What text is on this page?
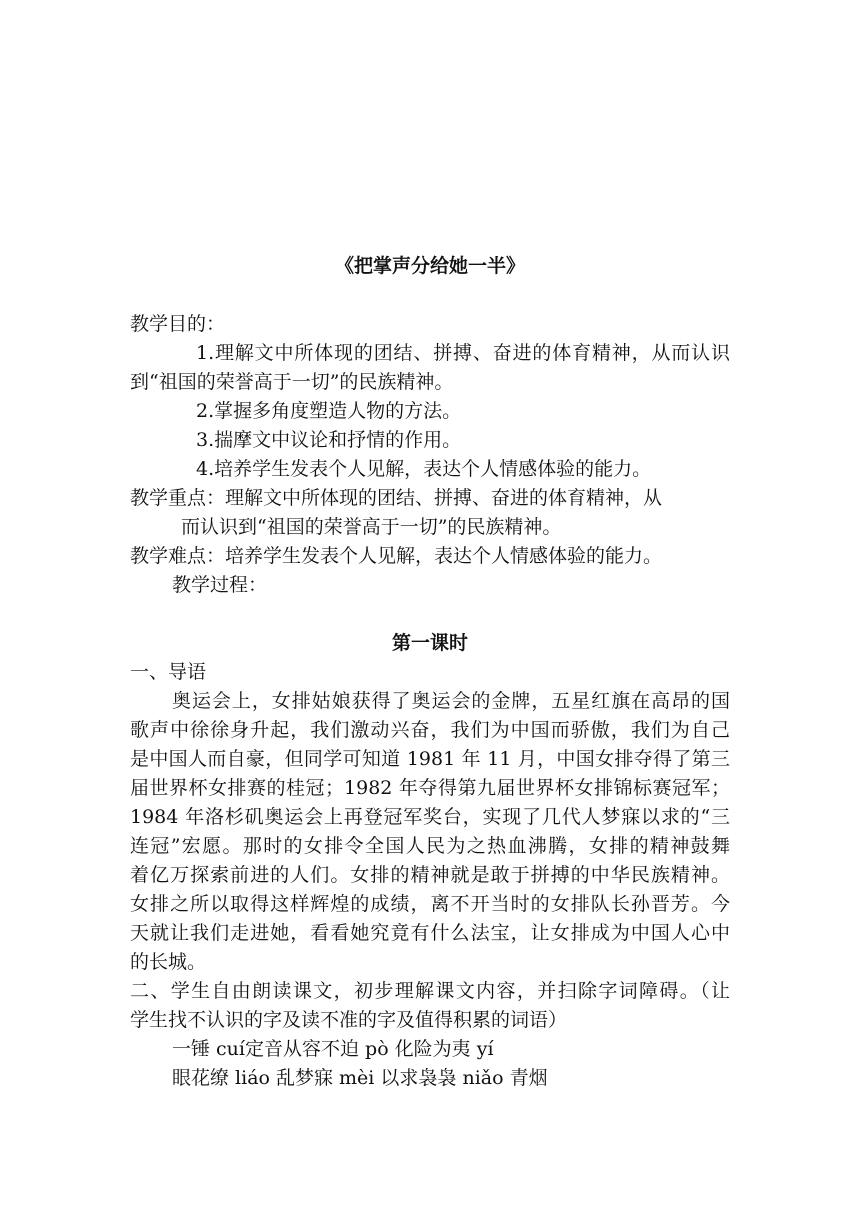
《把掌声分给她一半》
教学目的：
1.理解文中所体现的团结、拼搏、奋进的体育精神，从而认识
到“祖国的荣誉高于一切”的民族精神。
2.掌握多角度塑造人物的方法。
3.揣摩文中议论和抒情的作用。
4.培养学生发表个人见解，表达个人情感体验的能力。
教学重点：理解文中所体现的团结、拼搏、奋进的体育精神，从
而认识到“祖国的荣誉高于一切”的民族精神。
教学难点：培养学生发表个人见解，表达个人情感体验的能力。
教学过程：
第一课时
一、导语
奥运会上，女排姑娘获得了奥运会的金牌，五星红旗在高昂的国
歌声中徐徐身升起，我们激动兴奋，我们为中国而骄傲，我们为自己
是中国人而自豪，但同学可知道 1981 年 11 月，中国女排夺得了第三
届世界杯女排赛的桂冠；1982 年夺得第九届世界杯女排锦标赛冠军；
1984 年洛杉矶奥运会上再登冠军奖台，实现了几代人梦寐以求的“三
连冠”宏愿。那时的女排令全国人民为之热血沸腾，女排的精神鼓舞
着亿万探索前进的人们。女排的精神就是敢于拼搏的中华民族精神。
女排之所以取得这样辉煌的成绩，离不开当时的女排队长孙晋芳。今
天就让我们走进她，看看她究竟有什么法宝，让女排成为中国人心中
的长城。
二、学生自由朗读课文，初步理解课文内容，并扫除字词障碍。（让
学生找不认识的字及读不准的字及值得积累的词语）
一锤 cuí定音从容不迫 pò 化险为夷 yí
眼花缭 liáo 乱梦寐 mèi 以求袅袅 niǎo 青烟
